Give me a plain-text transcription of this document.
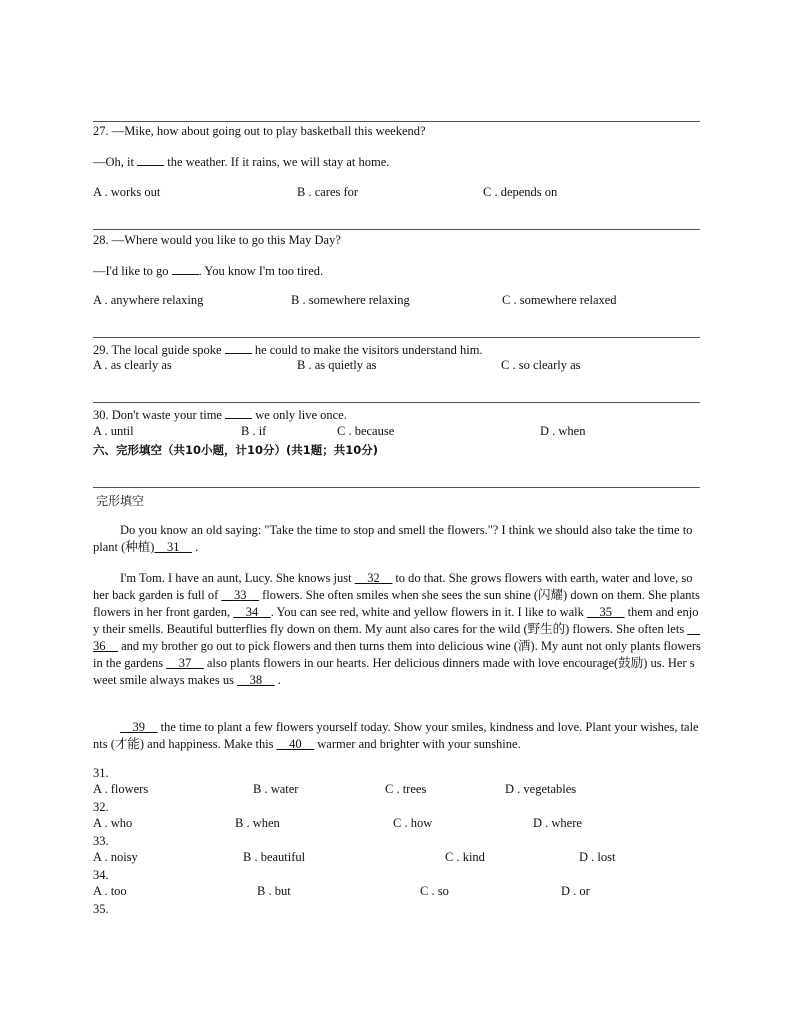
27. —Mike, how about going out to play basketball this weekend?
—Oh, it  the weather. If it rains, we will stay at home.
A . works out	B . cares for	C . depends on
28. —Where would you like to go this May Day?
—I'd like to go . You know I'm too tired.
A . anywhere relaxing	B . somewhere relaxing	C . somewhere relaxed
29. The local guide spoke  he could to make the visitors understand him.
A . as clearly as	B . as quietly as	C . so clearly as
30. Don't waste your time  we only live once.
A . until	B . if	C . because	D . when
六、完形填空（共10小题，计10分）(共1题；共10分)
完形填空
Do you know an old saying: "Take the time to stop and smell the flowers."? I think we should also take the time to plant (种植)__31__ .
I'm Tom. I have an aunt, Lucy. She knows just __32__ to do that. She grows flowers with earth, water and love, so her back garden is full of __33__ flowers. She often smiles when she sees the sun shine (闪耀) down on them. She plants flowers in her front garden, __34__. You can see red, white and yellow flowers in it. I like to walk __35__ them and enjoy their smells. Beautiful butterflies fly down on them. My aunt also cares for the wild (野生的) flowers. She often lets __36__ and my brother go out to pick flowers and then turns them into delicious wine (酒). My aunt not only plants flowers in the gardens __37__ also plants flowers in our hearts. Her delicious dinners made with love encourage(鼓励) us. Her sweet smile always makes us __38__ .
__39__ the time to plant a few flowers yourself today. Show your smiles, kindness and love. Plant your wishes, talents (才能) and happiness. Make this __40__ warmer and brighter with your sunshine.
31.
A . flowers	B . water	C . trees	D . vegetables
32.
A . who	B . when	C . how	D . where
33.
A . noisy	B . beautiful	C . kind	D . lost
34.
A . too	B . but	C . so	D . or
35.
